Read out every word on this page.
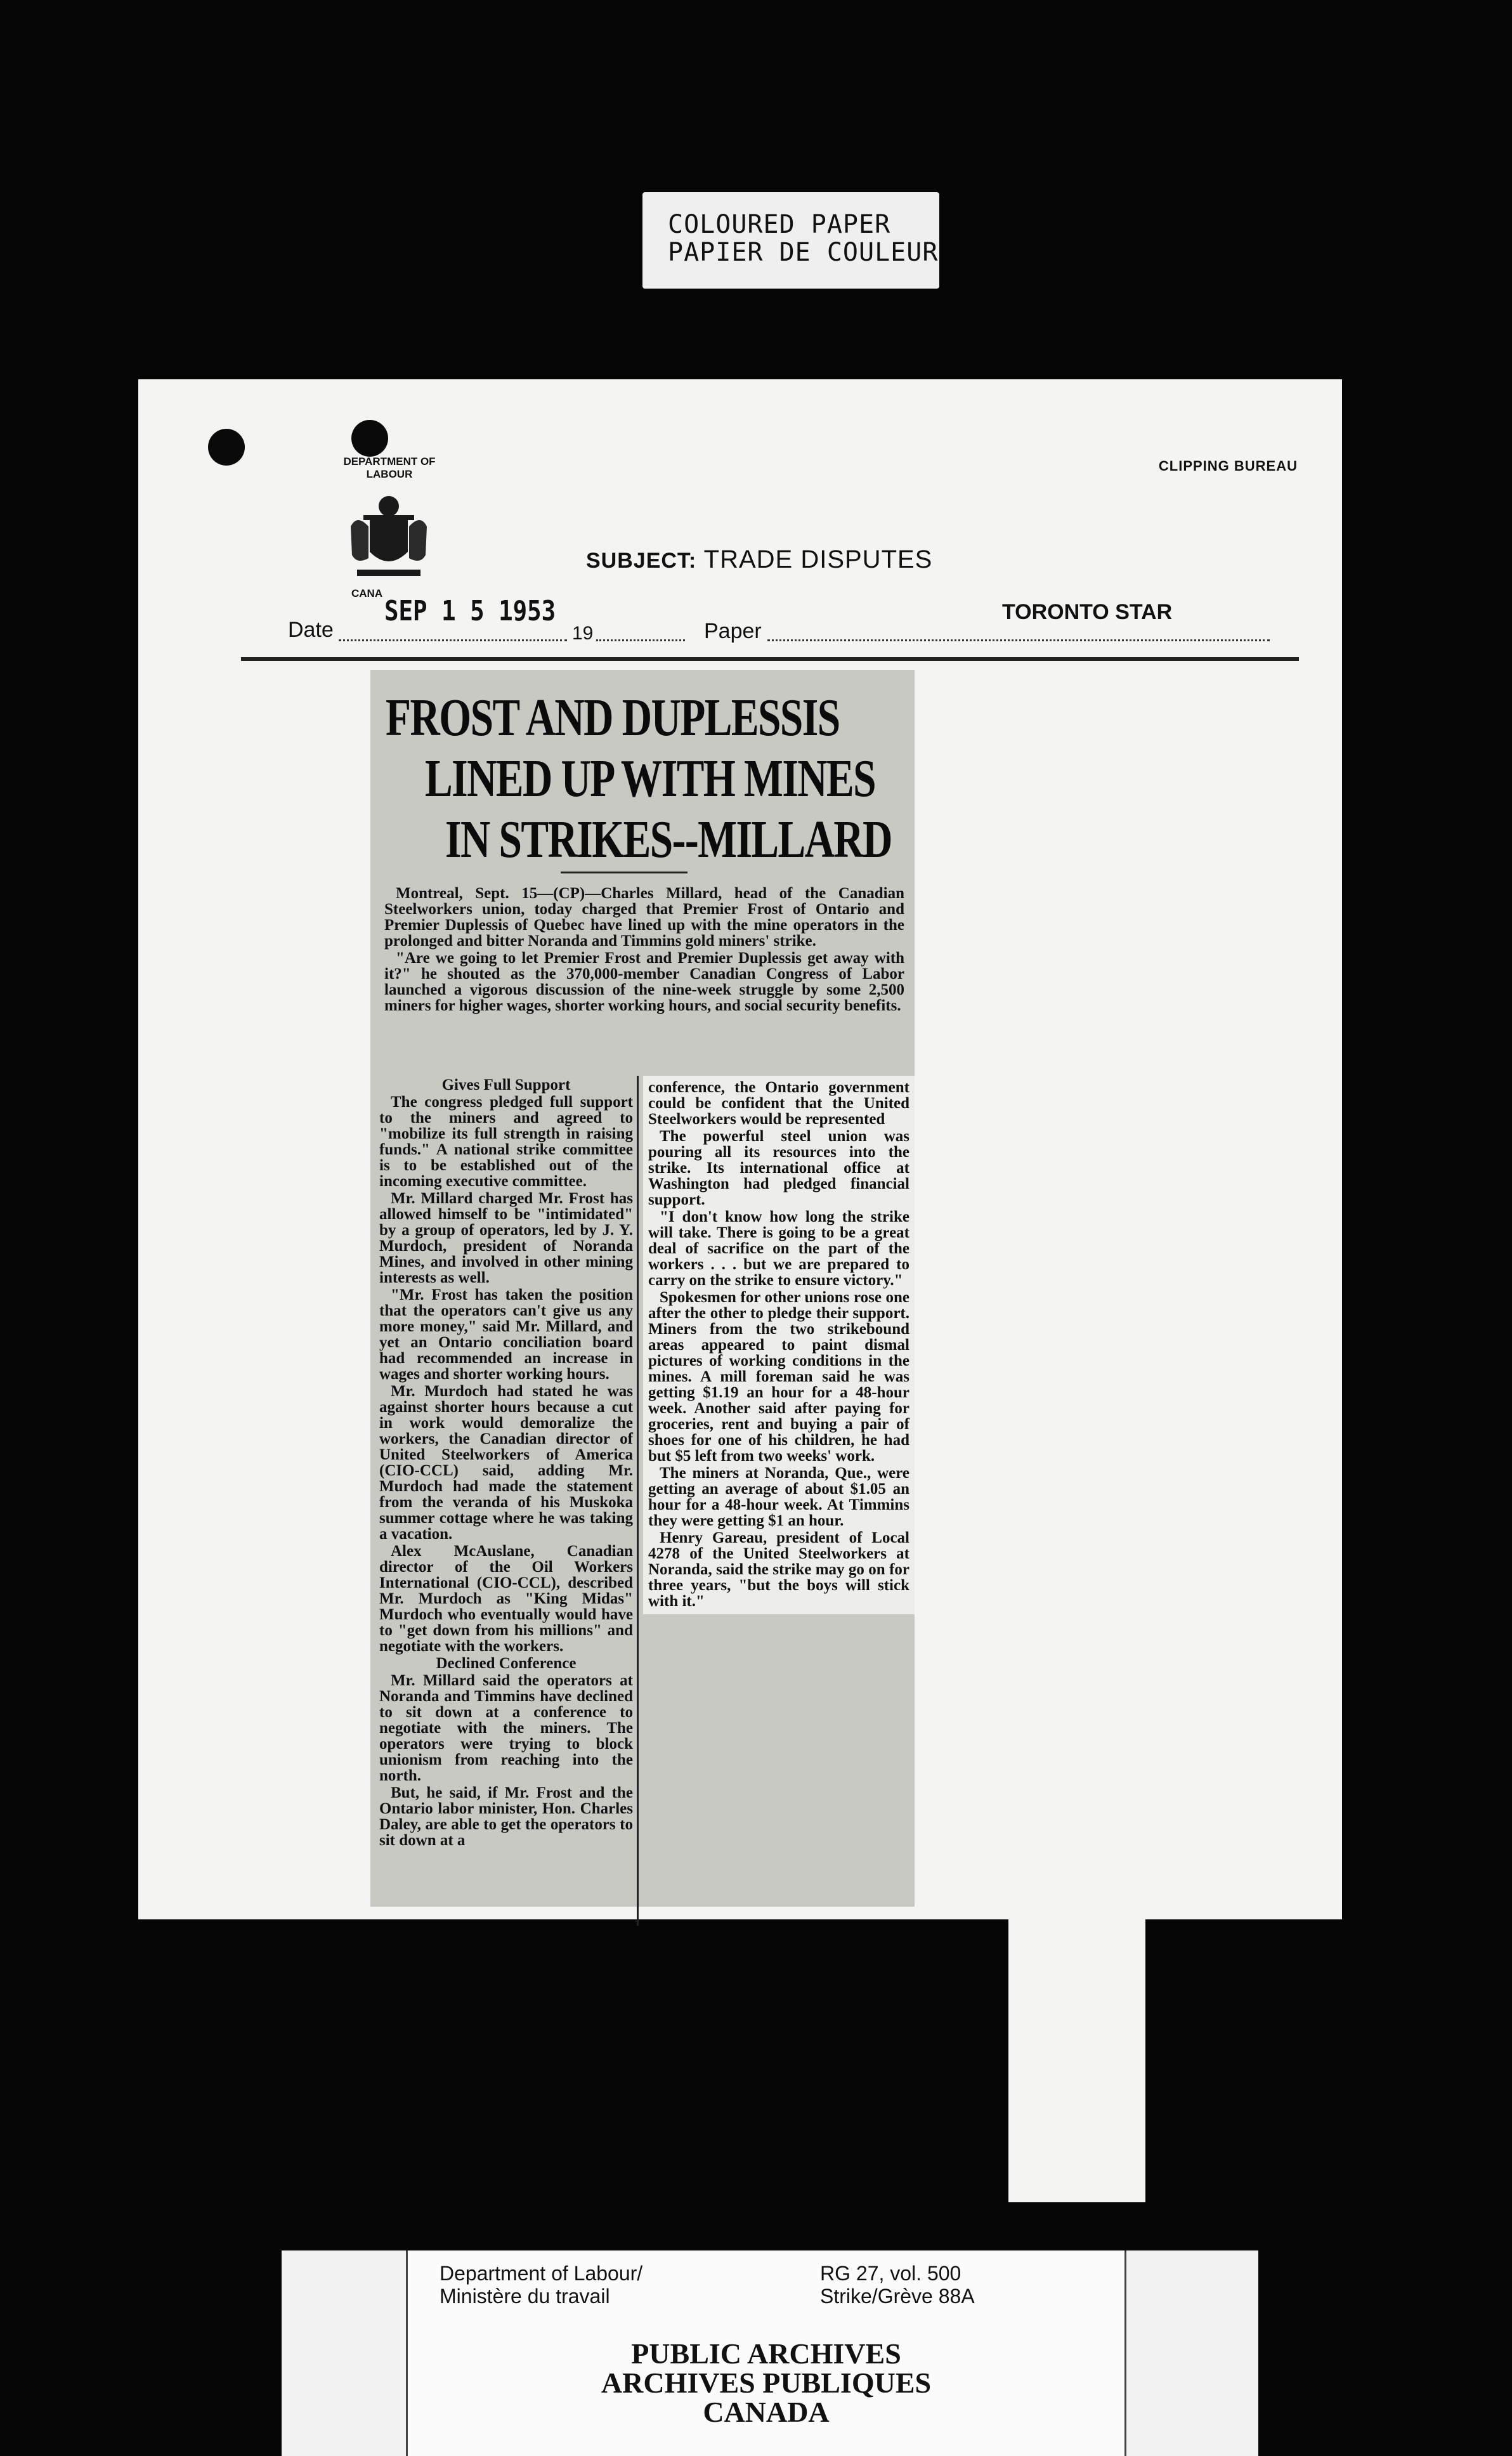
COLOURED PAPER
PAPIER DE COULEUR
DEPARTMENT OF
LABOUR
CANA
CLIPPING BUREAU
SUBJECT: TRADE DISPUTES
SEP 1 5 1953
Date	19	Paper
TORONTO STAR
FROST AND DUPLESSIS
LINED UP WITH MINES
IN STRIKES--MILLARD

Montreal, Sept. 15—(CP)—Charles Millard, head of the Canadian Steelworkers union, today charged that Premier Frost of Ontario and Premier Duplessis of Quebec have lined up with the mine operators in the prolonged and bitter Noranda and Timmins gold miners' strike.

"Are we going to let Premier Frost and Premier Duplessis get away with it?" he shouted as the 370,000-member Canadian Congress of Labor launched a vigorous discussion of the nine-week struggle by some 2,500 miners for higher wages, shorter working hours, and social security benefits.

Gives Full Support

The congress pledged full support to the miners and agreed to "mobilize its full strength in raising funds." A national strike committee is to be established out of the incoming executive committee.

Mr. Millard charged Mr. Frost has allowed himself to be "intimidated" by a group of operators, led by J. Y. Murdoch, president of Noranda Mines, and involved in other mining interests as well.

"Mr. Frost has taken the position that the operators can't give us any more money," said Mr. Millard, and yet an Ontario conciliation board had recommended an increase in wages and shorter working hours.

Mr. Murdoch had stated he was against shorter hours because a cut in work would demoralize the workers, the Canadian director of United Steelworkers of America (CIO-CCL) said, adding Mr. Murdoch had made the statement from the veranda of his Muskoka summer cottage where he was taking a vacation.

Alex McAuslane, Canadian director of the Oil Workers International (CIO-CCL), described Mr. Murdoch as "King Midas" Murdoch who eventually would have to "get down from his millions" and negotiate with the workers.

Declined Conference

Mr. Millard said the operators at Noranda and Timmins have declined to sit down at a conference to negotiate with the miners. The operators were trying to block unionism from reaching into the north.

But, he said, if Mr. Frost and the Ontario labor minister, Hon. Charles Daley, are able to get the operators to sit down at a

conference, the Ontario government could be confident that the United Steelworkers would be represented

The powerful steel union was pouring all its resources into the strike. Its international office at Washington had pledged financial support.

"I don't know how long the strike will take. There is going to be a great deal of sacrifice on the part of the workers . . . but we are prepared to carry on the strike to ensure victory."

Spokesmen for other unions rose one after the other to pledge their support. Miners from the two strikebound areas appeared to paint dismal pictures of working conditions in the mines. A mill foreman said he was getting $1.19 an hour for a 48-hour week. Another said after paying for groceries, rent and buying a pair of shoes for one of his children, he had but $5 left from two weeks' work.

The miners at Noranda, Que., were getting an average of about $1.05 an hour for a 48-hour week. At Timmins they were getting $1 an hour.

Henry Gareau, president of Local 4278 of the United Steelworkers at Noranda, said the strike may go on for three years, "but the boys will stick with it."

Department of Labour/
Ministère du travail
RG 27, vol. 500
Strike/Grève 88A
PUBLIC ARCHIVES
ARCHIVES PUBLIQUES
CANADA
